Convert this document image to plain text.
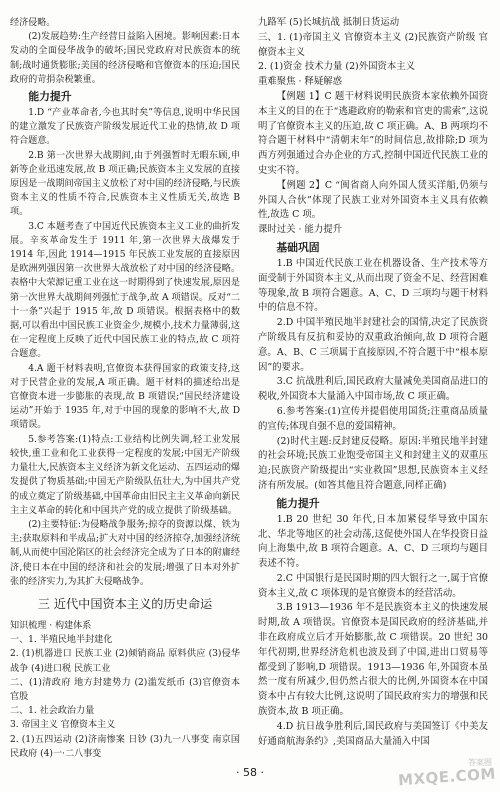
经济侵略。

(2)发展趋势:生产经营日益陷入困境。影响因素:日本发动的全面侵华战争的破坏;国民党政府对民族资本的统制;战时通货膨胀;美国的经济侵略和官僚资本的压迫;国民政府的苛捐杂税繁重。

能力提升

1.D “产业革命者,今也其时矣”等信息,说明中华民国的建立激发了民族资产阶级发展近代工业的热情,故 D 项符合题意。

2.B 第一次世界大战期间,由于列强暂时无暇东顾,申新等企业迅速发展,故 B 项正确;民族资本主义发展的直接原因是一战期间帝国主义放松了对中国的经济侵略,与民族资本主义的性质不符合,民族资本主义性质无关,故选 B 项。

3.C 本题考查了中国近代民族资本主义工业的曲折发展。辛亥革命发生于 1911 年,第一次世界大战爆发于 1914 年,因此 1914—1915 年民族工业发展的直接原因是欧洲列强因第一次世界大战放松了对中国的经济侵略。表格中大荣源记重工业在这一时期得到了快速发展,原因是第一次世界大战期间列强忙于战争,故 A 项错误。反对“二十一条”兴起于 1915 年,故 D 项错误。根据表格中的数据,可以看出中国民族工业资金少,规模小,技术力量薄弱,这在一定程度上反映了近代中国民族工业的特点,故 C 项符合题意。

4.A 题干材料表明,官僚资本获得国家的政策支持,这对于民营企业的发展,A 项正确。题干材料的描述给出是官僚资本进一步膨胀的表现,故 B 项错误;“国民经济建设运动”开始于 1935 年,对于中国的现象的影响不大,故 D 项错误。

5.参考答案:(1)特点:工业结构比例失调,轻工业发展较快,重工业和化工业获得一定程度的发展;中国无产阶级力量壮大,民族资本主义经济为新文化运动、五四运动的爆发提供了物质基础;中国无产阶级队伍壮大,为中国共产党的成立奠定了阶级基础,中国革命由旧民主主义革命向新民主主义革命的转化和中国共产党的成立提供了阶级基础。

(2)主要特征:为侵略战争服务;掠夺的资源以煤、铁为主;获取原料和半成品;扩大对中国的经济掠夺,加强经济统制,从而使中国沦陷区的社会经济完全成为了日本的附庸经济,使日本在中国的经济和社会的发展;增强了日本对外扩张的经济实力,为其扩大侵略战争。

三 近代中国资本主义的历史命运

知识梳理 · 构建体系

一、1. 半殖民地半封建化

2. (1)机器进口 民族工业 (2)倾销商品 原料供应 (3)侵华战争 (4)进口税 民族工业

二、(1)清政府 地方封建势力 (2)滥发纸币 (3)官僚资本 官股

二、1. 社会政治力量

3. 帝国主义 官僚资本主义

2. (1)五四运动 (2)济南惨案 日钞 (3)九一八事变 南京国民政府 (4)一·二八事变

九路军 (5)长城抗战 抵制日货运动

三、1. (1)帝国主义 官僚资本主义 (2)民族资产阶级 官僚资本主义

2. (1)资金 技术力量 (2)外国资本主义

重难聚焦 · 释疑解惑

【例题 1】C 题干材料说明民族资本家依赖外国资本主义的目的在于“逃避政府的勒索和官吏的需索”,这说明了官僚资本主义的压迫,故 C 项正确。A、B 两项均不符合题干材料中“清朝末年”的时间信息,故排除;D 项为西方列强通过合办企业的方式,控制中国近代民族工业的史实不符。

【例题 2】C “闽省商人向外国人赁买洋船,仍须与外国人合伙”体现了民族工业对外国资本主义具有依赖性,故选 C 项。

课时过关 · 能力提升

基础巩固

1.B 中国近代民族工业在机器设备、生产技术等方面受制于外国资本主义,从而出现了资金不足、经营困难等现象,故 B 项符合题意。A、C、D 三项均与题干材料中的信息不符。

2.D 中国半殖民地半封建社会的国情,决定了民族资产阶级具有反抗和妥协的双重政治倾向,故 D 项符合题意。A、B、C 三项属于直接原因,不符合题干中“根本原因”的要求。

3.C 抗战胜利后,国民政府大量减免美国商品进口的税收,外国资本大量涌入中国市场,故 C 项正确。

6.参考答案:(1)宣传并提倡使用国货;注重商品质量的宣传;体现自强不息的爱国精神。

(2)时代主题:反封建反侵略。原因:半殖民地半封建的社会环境;民族工业饱受帝国主义和封建主义的双重压迫;民族资产阶级提出“实业救国”思想,民族资本主义经济有所发展。(如答其他且符合题意,同样正确)

能力提升

1.B 20 世纪 30 年代,日本加紧侵华导致中国东北、华北等地区的社会动荡,这促使外国人在华投资日益向上海集中,故 B 项符合题意。A、C、D 三项均与题目表述不符。

2.C 中国银行是民国时期的四大银行之一,属于官僚资本主义,故 C 项体现的是官僚资本的经营活动。

3.B 1913—1936 年不是民族资本主义的快速发展时期,故 A 项错误。官僚资本是国民政府的经济基础,并非在政府成立后才开始膨胀,故 C 项错误。20 世纪 30 年代初期,世界经济危机也波及到了中国,进出口贸易等都受到了影响,D 项错误。1913—1936 年,外国资本虽然一度有所减少,但仍然占很大的比例,外国资本在中国资本中占有较大比例,这说明了国民政府实力的增强和民族资本,故 B 项正确。

4.D 抗日战争胜利后,国民政府与美国签订《中美友好通商航海条约》,美国商品大量涌入中国

· 58 ·
答案圈
MXQE.COM
